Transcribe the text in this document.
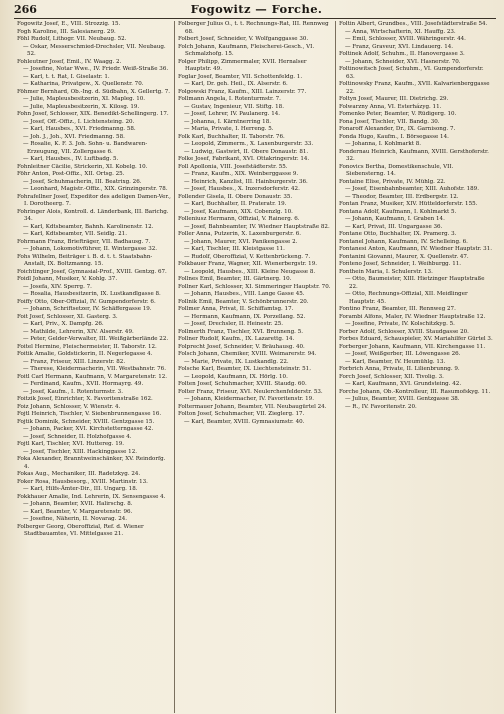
266	Fogowitz — Forche.
Fogowitz Josef, E., VIII. Strozzig. 15.
Fogh Karoline, III. Salesianerg. 29.
Föhl Rudolf, Lithogr. VII. Neubaug. 52.
— Oskar, Messerschmied-Drechsler, VII. Neubaug. 52.
Fohleutner Josef, Emil., IV. Waagg. 2.
— Josefine, Notar Wwe., IV. Friedr. Weiß-Straße 36.
— Karl, t. t. Rat, I. Giselastr. 1.
— Katharina, Privatgew., X. Quellenstr. 70.
Föhmer Bernhard, Ob.-Ing. d. Südbahn, X. Gellertg. 7.
— Julie, Mapleusbesitzerin, XI. Mapleg. 10.
— Julie, Mapleusbesitzerin, X. Kilosg. 19.
Fohn Josef, Schlosser, XIX. Benedikt-Schellingerg. 17.
— Josef, Off.-Offiz., I. Lichtensteing. 20.
— Karl, Hausbes., XVI. Friedmanng. 58.
— Joh. J., Joh., XVI. Friedmanng. 58.
— Rosalie, K. F. 3. Joh. Sohn- u. Bandwaren-Erzeugung, VII. Zollergasse 6.
— Karl, Hausbes., IV. Luftbadg. 5.
Fohnleitner Cäcilie, Strickerin, XI. Kobelg. 10.
Föhr Anton, Post-Offiz., XII. Ortsg. 25.
— Josef, Schuhmacherin, III. Beatrixg. 26.
— Leonhard, Magistr.-Offiz., XIX. Grinzingerstr. 78.
Fohrafellner Josef, Expeditor des adeligen Damen-Ver., I. Dorotheerg. 7.
Fohringer Alois, Kontroll. d. Länderbank, III. Barichg. 34.
— Karl, Kdtsbeamter, Bahnh. Karolinenstr. 12.
— Karl, Kdtsbeamter, VII. Seidlg. 21.
Fohrmann Franz, Briefträger, VII. Badhausg. 7.
— Johann, Lokomotivführer, II. Wintergasse 32.
Fohs Wilhelm, Beiträger i. B. d. t. t. Staatsbahn-Anstalt, IX. Boltzmanng. 15.
Foichtinger Josef, Gymnasial-Prof., XVIII. Gentzg. 67.
Foidl Johann, Musiker, V. Kohlg. 37.
— Josefa, XIV. Sperrg. 7.
— Rosalia, Hausbesitzerin, IX. Lustkandlgasse 8.
Foiffy Otto, Ober-Offizial, IV. Gumpendorferstr. 6.
— Johann, Schriftsetzer, IV. Schäffergasse 19.
Foit Josef, Schlosser, XI. Gasterg. 3.
— Karl, Priv., X. Dampfg. 26.
— Mathilde, Lehrerin, XIV. Alserstr. 49.
— Peter, Gelder-Verwalter, III. Weißgärberlände 22.
Foitel Hermine, Fleischermeister, II. Taborstr. 12.
Foitik Amalie, Goldstickerin, II. Negerlegasse 4.
— Franz, Friseur, XIII. Linzerstr. 82.
— Therese, Kleidermacherin, VII. Westbahnstr. 76.
Foitl Carl Hermann, Kaufmann, V. Margaretenstr. 12.
— Ferdinand, Kaufm., XVII. Hormayrg. 49.
— Josef, Kaufm., I. Rotenturmstr. 3.
Foitzik Josef, Einrichter, X. Favoritenstraße 162.
Foiz Johann, Schlosser, V. Wienstr. 4.
Fojtl Heinrich, Tischler, V. Siebenbrunnengasse 16.
Fojtik Dominik, Schneider, XVIII. Gentzgasse 15.
— Johann, Packer, XVI. Kirchstetterngasse 42.
— Josef, Schneider, II. Holzhofgasse 4.
Fojtl Karl, Tischler, XVI. Huttereg. 19.
— Josef, Tischler, XIII. Hackinggasse 12.
Foka Alexander, Branntweinschänker, XV. Reindorfg. 4.
Fokas Aug., Mechaniker, III. Radetzkyg. 24.
Foker Rosa, Hausbesorg., XVIII. Martinstr. 13.
— Karl, Hilfs-Ämter-Dir., III. Ungarg. 18.
Fokkhauer Amalie, Ind. Lehrerin, IX. Sensengasse 4.
— Johann, Beamter, XVII. Halirschg. 8.
— Karl, Beamter, V. Margaretenstr. 96.
— Josefine, Näherin, II. Novarag. 24.
Folberger Georg, Oberoffizial, Ref. d. Wiener Stadtbauamtes, VI. Mittelgasse 21.
Folberger Julius O., t. t. Rechnungs-Rat, III. Rennweg 68.
Folbert Josef, Schneider, V. Wolfganggasse 30.
Folch Johann, Kaufmann, Fleischerei-Gesch., VI. Schmalzhofg. 15.
Folger Philipp, Zimmermaler, XVII. Hernalser Hauptstr. 49.
Foglar Josef, Beamter, VII. Schottenfeldg. 1.
— Karl, Dr. geh. Heil., IX. Alserstr. 6.
Folgowski Franz, Kaufm., XIII. Lainzerstr. 77.
Follmann Angela, I. Rotenturmstr. 7.
— Gustav, Ingenieur, VII. Stiftg. 18.
— Josef, Lehrer, IV. Paulanerg. 14.
— Johanna, I. Kärntnerring 18.
— Maria, Private, I. Herreng. 5.
Folk Karl, Buchhalter, II. Taborstr. 76.
— Leopold, Zimmerm., X. Laxenburgerstr. 33.
— Ludwig, Gastwirt, II. Obere Donaustr. 81.
Folke Josef, Fabrikant, XVI. Ottakringerstr. 14.
Foll Apollonia, VIII. Josefstädterstr. 55.
— Franz, Kaufm., XIX. Weinberggasse 9.
— Heinrich, Kanzlist, III. Hainburgerstr. 36.
— Josef, Hausbes., X. Inzersdorferstr. 42.
Follender Gisela, II. Obere Donaustr. 35.
— Karl, Buchhalter, II. Prateratr. 19.
— Josef, Kaufmann, XIX. Cobenzlg. 10.
Folleniusz Hermann, Offizial, V. Rainerg. 6.
— Josef, Bahnbeamter, IV. Wiedner Hauptstraße 82.
Foller Anna, Putzerin, X. Laxenburgerstr. 6.
— Johann, Maurer, XVI. Panikengasse 2.
— Karl, Tischler, III. Kleistgasse 11.
— Rudolf, Oberoffizial, V. Kettenbrückeng. 7.
Folkbauer Franz, Wagner, XII. Wienerbergstr. 19.
— Leopold, Hausbes., XIII. Kleine Neugasse 8.
Follnes Emil, Beamter, III. Gärtnerg. 10.
Follner Karl, Schlosser, XI. Simmeringer Hauptstr. 70.
— Johann, Hausbes., VIII. Lange Gasse 45.
Follnik Emil, Beamter, V. Schönbrunnerstr. 20.
Follmer Anna, Privat, II. Schiffamtsg. 17.
— Hermann, Kaufmann, IX. Porzellang. 52.
— Josef, Drechsler, II. Heinestr. 25.
Follmerth Franz, Tischler, XVI. Brunneng. 5.
Follner Rudolf, Kaufm., IX. Lazarettg. 14.
Folprecht Josef, Schneider, V. Bräuhausg. 40.
Folsch Johann, Chemiker, XVIII. Weimarerstr. 94.
— Marie, Private, IX. Lustkandlg. 22.
Folsche Karl, Beamter, IX. Liechtensteinstr. 51.
— Leopold, Kaufmann, IX. Hörlg. 10.
Folten Josef, Schuhmacher, XVIII. Staudg. 60.
Folter Franz, Friseur, XVI. Neulerchenfelderstr. 53.
— Johann, Kleidermacher, IV. Favoritenstr. 19.
Foltermauer Johann, Beamter, VII. Neubaugürtel 24.
Folton Josef, Schuhmacher, VII. Zieglerg. 17.
— Karl, Beamter, XVIII. Gymnasiumstr. 40.
Foltin Albert, Grundbes., VIII. Josefstädterstraße 54.
— Anna, Wirtschafterin, XI. Hauffg. 23.
— Emil, Schlosser, XVIII. Währingerstr. 44.
— Franz, Graveur, XVI. Lindauerg. 14.
Foltinek Adolf, Schuhm., II. Hanovergasse 3.
— Johann, Schneider, XVI. Hasnerstr. 70.
Foltinowitsch Josef, Schuhm., VI. Gumpendorferstr. 63.
Foltinowsky Franz, Kaufm., XVII. Kalvarienberggasse 22.
Foltyn Josef, Maurer, III. Dietrichg. 29.
Folwarzny Anna, VI. Esterházyg. 11.
Fomenko Peter, Beamter, V. Rüdigerg. 10.
Fona Josef, Tischler, VII. Bandg. 30.
Fonaroff Alexander, Dr., IX. Garnisong. 7.
Fonda Hugo, Kaufm., I. Börsegasse 14.
— Johanna, I. Kohlmarkt 8.
Fondernau Heinrich, Kaufmann, XVIII. Gersthoferstr. 32.
Fonovics Bertha, Domestikenschule, VII. Siebensterng. 14.
Fontaine Elise, Private, IV. Mühlg. 22.
— Josef, Eisenbahnbeamter, XIII. Auhofstr. 189.
— Theodor, Beamter, III. Erdbergstr. 12.
Fontan Franz, Musiker, XIV. Hütteldorferstr. 155.
Fontana Adolf, Kaufmann, I. Kohlmarkt 5.
— Johann, Kaufmann, I. Graben 14.
— Karl, Privat, III. Ungargasse 36.
Fontane Otto, Buchhalter, IX. Pramerg. 3.
Fontanel Johann, Kaufmann, IV. Schelleing. 6.
Fontanesi Anton, Kaufmann, IV. Wiedner Hauptstr. 31.
Fontanini Giovanni, Maurer, X. Quellenstr. 47.
Fonteno Josef, Schneider, I. Weihburgg. 11.
Fonthein Maria, I. Schulerstr. 13.
— Otto, Baumeister, XIII. Hietzinger Hauptstraße 22.
— Otto, Rechnungs-Offizial, XII. Meidlinger Hauptstr. 45.
Fontino Franz, Beamter, III. Rennweg 27.
Forambi Alfons, Maler, IV. Wiedner Hauptstraße 12.
— Josefine, Private, IV. Kolschitzkyg. 5.
Forber Adolf, Schlosser, XVIII. Staudgasse 20.
Forbes Eduard, Schauspieler, XV. Mariahilfer Gürtel 3.
Forberger Johann, Kaufmann, VII. Kirchengasse 11.
— Josef, Weißgerber, III. Löwengasse 26.
— Karl, Beamter, IV. Heumühlg. 13.
Forbrich Anna, Private, II. Lilienbrunng. 9.
Forch Josef, Schlosser, XII. Tivolig. 3.
— Karl, Kaufmann, XVI. Grundsteing. 42.
Forche Johann, Ob.-Kontrolleur, III. Rasumofskyg. 11.
— Julius, Beamter, XVIII. Gentzgasse 38.
— R., IV. Favoritenstr. 20.
